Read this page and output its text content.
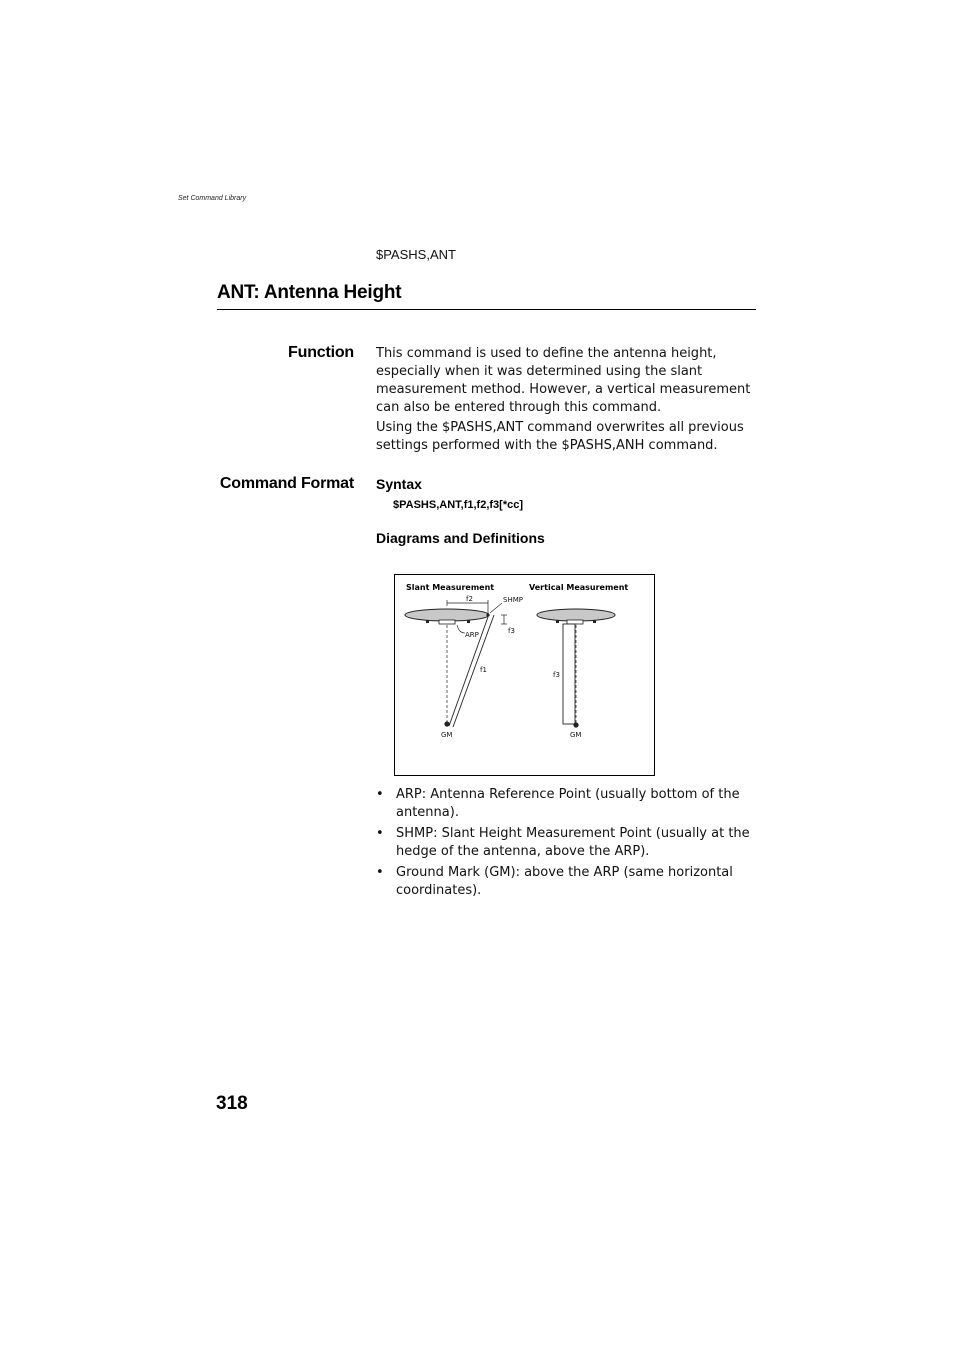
Set Command Library
$PASHS,ANT
ANT: Antenna Height
Function This command is used to define the antenna height, especially when it was determined using the slant measurement method. However, a vertical measurement can also be entered through this command.

Using the $PASHS,ANT command overwrites all previous settings performed with the $PASHS,ANH command.

Command Format Syntax
$PASHS,ANT,f1,f2,f3[*cc]
Diagrams and Definitions
Slant Measurement	Vertical Measurement
f2	SHMP
f3
ARP
f1
GM
f3
GM
• ARP: Antenna Reference Point (usually bottom of the antenna).
• SHMP: Slant Height Measurement Point (usually at the hedge of the antenna, above the ARP).
• Ground Mark (GM): above the ARP (same horizontal coordinates).
318
